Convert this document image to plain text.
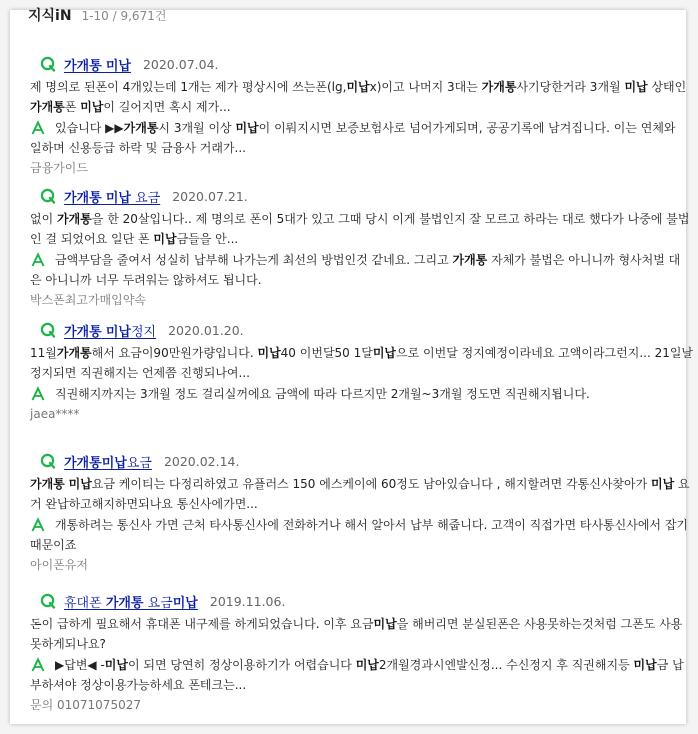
지식iN 1-10 / 9,671건
가개통 미납 2020.07.04.
제 명의로 된폰이 4개있는데 1개는 제가 평상시에 쓰는폰(lg,미납x)이고 나머지 3대는 가개통사기당한거라 3개월 미납 상태인
가개통폰 미납이 길어지면 혹시 제가...
있습니다 ▶▶가개통시 3개월 이상 미납이 이뤄지시면 보증보험사로 넘어가게되며, 공공기록에 남겨집니다. 이는 연체와
일하며 신용등급 하락 및 금융사 거래가...
금융가이드
가개통 미납 요금 2020.07.21.
없이 가개통을 한 20살입니다.. 제 명의로 폰이 5대가 있고 그때 당시 이게 불법인지 잘 모르고 하라는 대로 했다가 나중에 불법
인 걸 되었어요 일단 폰 미납금들을 안...
금액부담을 줄여서 성실히 납부해 나가는게 최선의 방법인것 같네요. 그리고 가개통 자체가 불법은 아니니까 형사처벌 대
은 아니니까 너무 두려워는 않하셔도 됩니다.
박스폰최고가매입약속
가개통 미납정지 2020.01.20.
11월가개통해서 요금이90만원가량입니다. 미납40 이번달50 1달미납으로 이번달 정지예정이라네요 고액이라그런지... 21일날
정지되면 직권해지는 언제쯤 진행되나여...
직권해지까지는 3개월 정도 걸리실꺼에요 금액에 따라 다르지만 2개월~3개월 정도면 직권해지됩니다.
jaea****
가개통미납요금 2020.02.14.
가개통 미납요금 케이티는 다정리하였고 유플러스 150 에스케이에 60정도 남아있습니다 , 해지할려면 각통신사찾아가 미납 요
거 완납하고해지하면되나요 통신사에가면...
개통하려는 통신사 가면 근처 타사통신사에 전화하거나 해서 알아서 납부 해줍니다. 고객이 직접가면 타사통신사에서 잡기
때문이죠
아이폰유저
휴대폰 가개통 요금미납 2019.11.06.
돈이 급하게 필요해서 휴대폰 내구제를 하게되었습니다. 이후 요금미납을 해버리면 분실된폰은 사용못하는것처럼 그폰도 사용
못하게되나요?
▶답변◀ -미납이 되면 당연히 정상이용하기가 어렵습니다 미납2개월경과시엔발신정... 수신정지 후 직권해지등 미납금 납
부하셔야 정상이용가능하세요 폰테크는...
문의 01071075027
